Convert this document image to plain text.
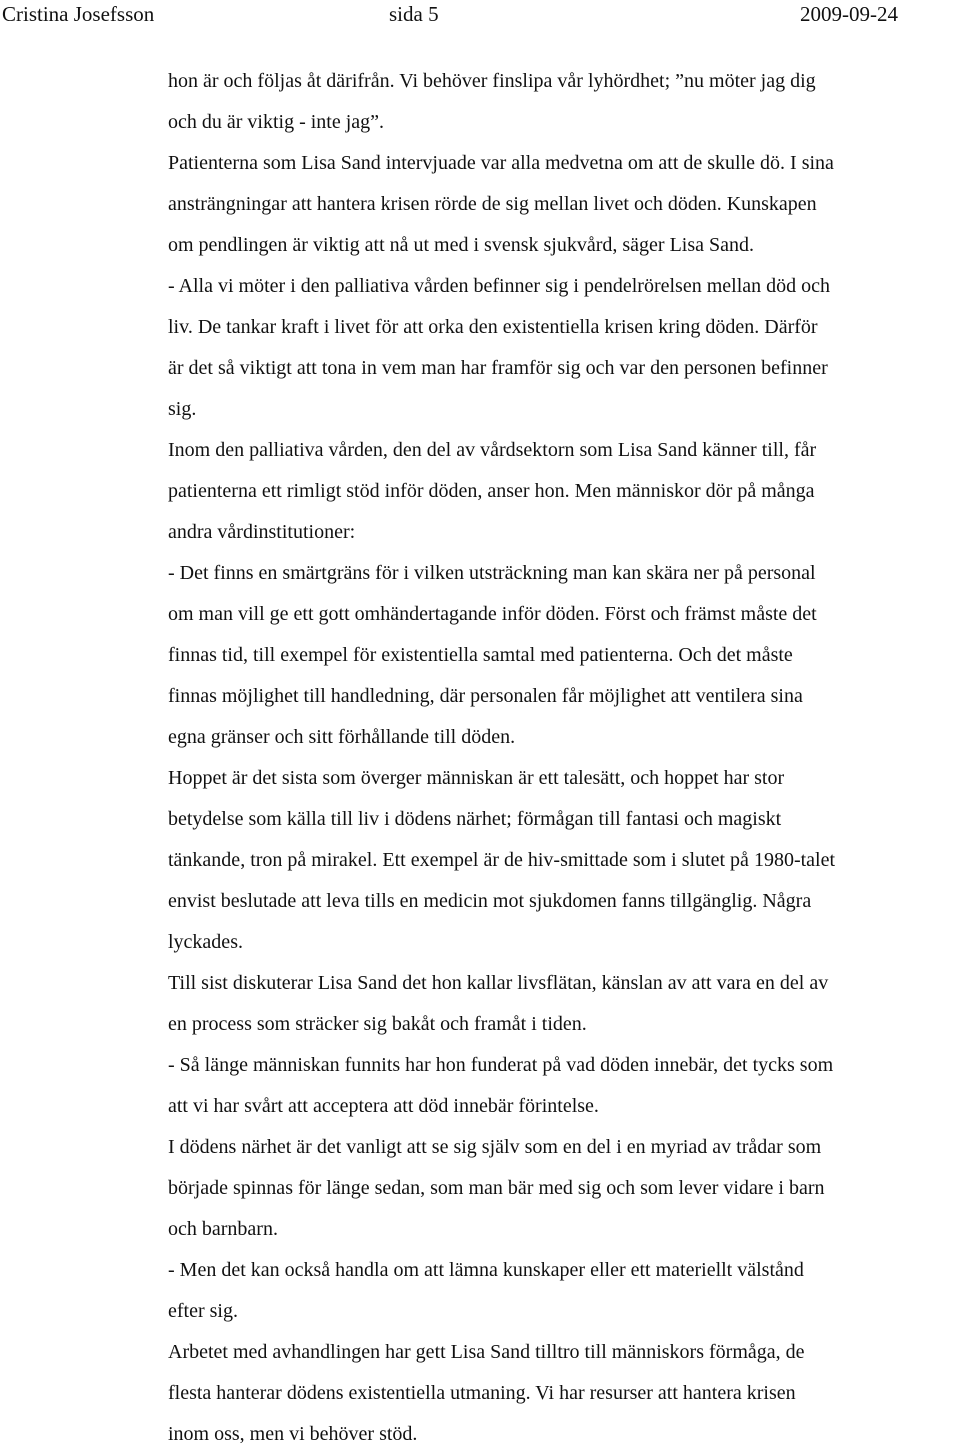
Cristina Josefsson	sida 5	2009-09-24
hon är och följas åt därifrån. Vi behöver finslipa vår lyhördhet; ”nu möter jag dig
och du är viktig - inte jag”.
Patienterna som Lisa Sand intervjuade var alla medvetna om att de skulle dö. I sina
ansträngningar att hantera krisen rörde de sig mellan livet och döden. Kunskapen
om pendlingen är viktig att nå ut med i svensk sjukvård, säger Lisa Sand.
- Alla vi möter i den palliativa vården befinner sig i pendelrörelsen mellan död och
liv. De tankar kraft i livet för att orka den existentiella krisen kring döden. Därför
är det så viktigt att tona in vem man har framför sig och var den personen befinner
sig.
Inom den palliativa vården, den del av vårdsektorn som Lisa Sand känner till, får
patienterna ett rimligt stöd inför döden, anser hon. Men människor dör på många
andra vårdinstitutioner:
- Det finns en smärtgräns för i vilken utsträckning man kan skära ner på personal
om man vill ge ett gott omhändertagande inför döden. Först och främst måste det
finnas tid, till exempel för existentiella samtal med patienterna. Och det måste
finnas möjlighet till handledning, där personalen får möjlighet att ventilera sina
egna gränser och sitt förhållande till döden.
Hoppet är det sista som överger människan är ett talesätt, och hoppet har stor
betydelse som källa till liv i dödens närhet; förmågan till fantasi och magiskt
tänkande, tron på mirakel. Ett exempel är de hiv-smittade som i slutet på 1980-talet
envist beslutade att leva tills en medicin mot sjukdomen fanns tillgänglig. Några
lyckades.
Till sist diskuterar Lisa Sand det hon kallar livsflätan, känslan av att vara en del av
en process som sträcker sig bakåt och framåt i tiden.
- Så länge människan funnits har hon funderat på vad döden innebär, det tycks som
att vi har svårt att acceptera att död innebär förintelse.
I dödens närhet är det vanligt att se sig själv som en del i en myriad av trådar som
började spinnas för länge sedan, som man bär med sig och som lever vidare i barn
och barnbarn.
- Men det kan också handla om att lämna kunskaper eller ett materiellt välstånd
efter sig.
Arbetet med avhandlingen har gett Lisa Sand tilltro till människors förmåga, de
flesta hanterar dödens existentiella utmaning. Vi har resurser att hantera krisen
inom oss, men vi behöver stöd.
